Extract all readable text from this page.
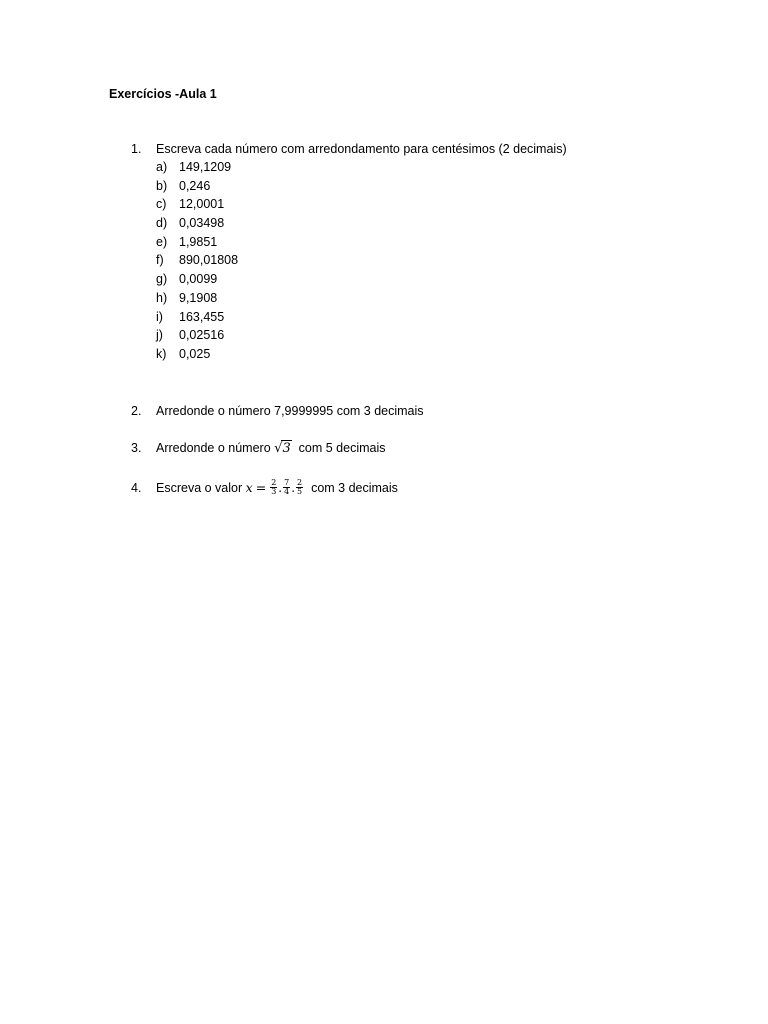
Exercícios -Aula 1
1. Escreva cada número com arredondamento para centésimos (2 decimais)
a) 149,1209
b) 0,246
c) 12,0001
d) 0,03498
e) 1,9851
f) 890,01808
g) 0,0099
h) 9,1908
i) 163,455
j) 0,02516
k) 0,025
2. Arredonde o número 7,9999995 com 3 decimais
3. Arredonde o número √3 com 5 decimais
4. Escreva o valor $x = \frac{2}{3}$ . $\frac{7}{4}$ . $\frac{2}{5}$ com 3 decimais
